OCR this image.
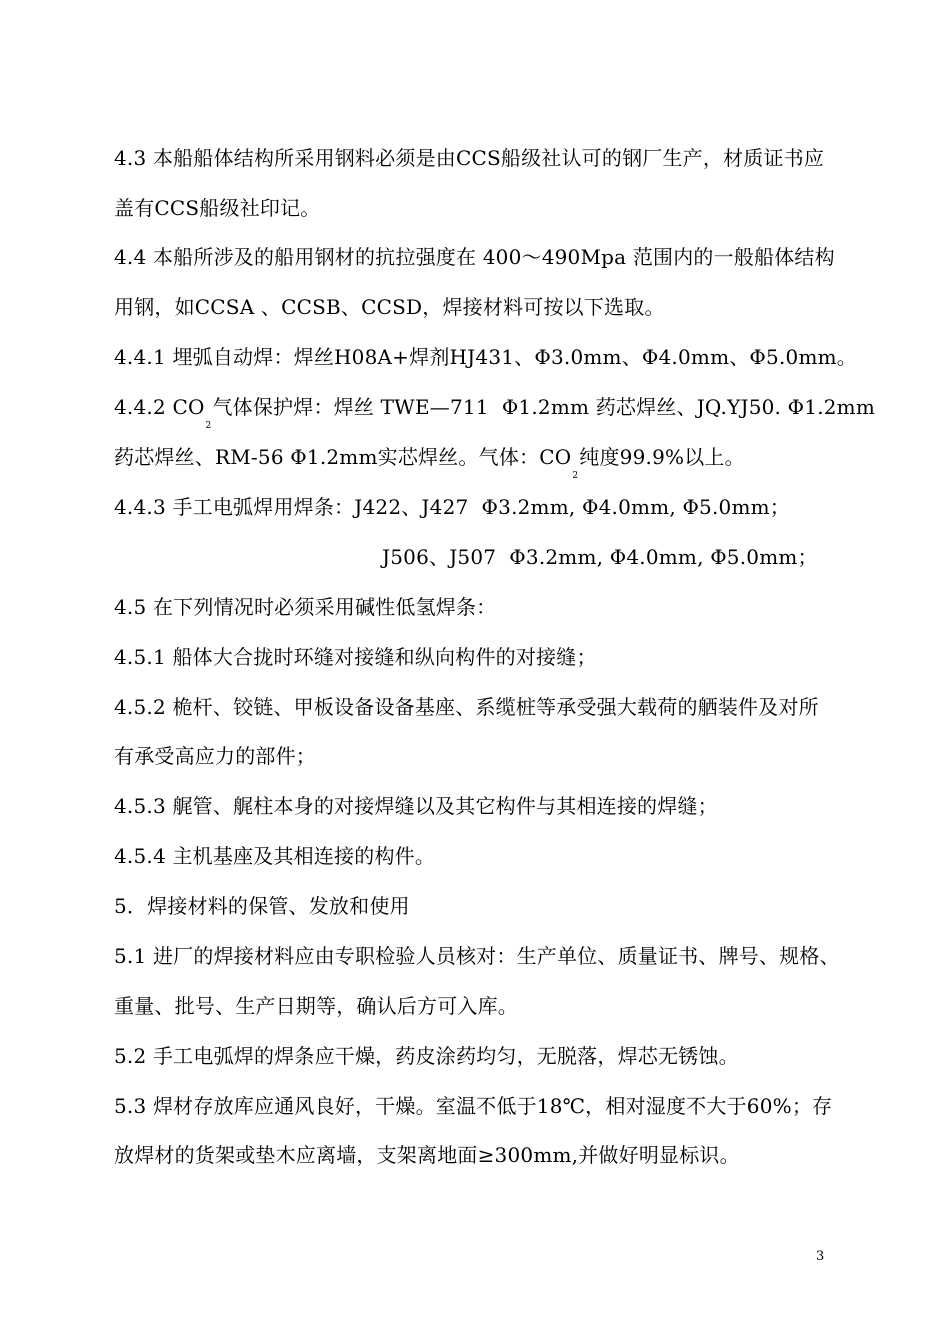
4.3 本船船体结构所采用钢料必须是由CCS船级社认可的钢厂生产，材质证书应
盖有CCS船级社印记。
4.4 本船所涉及的船用钢材的抗拉强度在 400～490Mpa 范围内的一般船体结构
用钢，如CCSA 、CCSB、CCSD，焊接材料可按以下选取。
4.4.1 埋弧自动焊：焊丝H08A+焊剂HJ431、Φ3.0mm、Φ4.0mm、Φ5.0mm。
4.4.2 $CO_2$气体保护焊：焊丝 TWE—711  Φ1.2mm 药芯焊丝、JQ.YJ50. Φ1.2mm
药芯焊丝、RM-56 Φ1.2mm实芯焊丝。气体：$CO_2$纯度99.9%以上。
4.4.3 手工电弧焊用焊条：J422、J427  Φ3.2mm, Φ4.0mm, Φ5.0mm；
J506、J507  Φ3.2mm, Φ4.0mm, Φ5.0mm；
4.5 在下列情况时必须采用碱性低氢焊条：
4.5.1 船体大合拢时环缝对接缝和纵向构件的对接缝；
4.5.2 桅杆、铰链、甲板设备设备基座、系缆桩等承受强大载荷的舾装件及对所
有承受高应力的部件；
4.5.3 艉管、艉柱本身的对接焊缝以及其它构件与其相连接的焊缝；
4.5.4 主机基座及其相连接的构件。
5．焊接材料的保管、发放和使用
5.1 进厂的焊接材料应由专职检验人员核对：生产单位、质量证书、牌号、规格、
重量、批号、生产日期等，确认后方可入库。
5.2 手工电弧焊的焊条应干燥，药皮涂药均匀，无脱落，焊芯无锈蚀。
5.3 焊材存放库应通风良好，干燥。室温不低于18℃，相对湿度不大于60%；存
放焊材的货架或垫木应离墙，支架离地面≥300mm,并做好明显标识。
3
